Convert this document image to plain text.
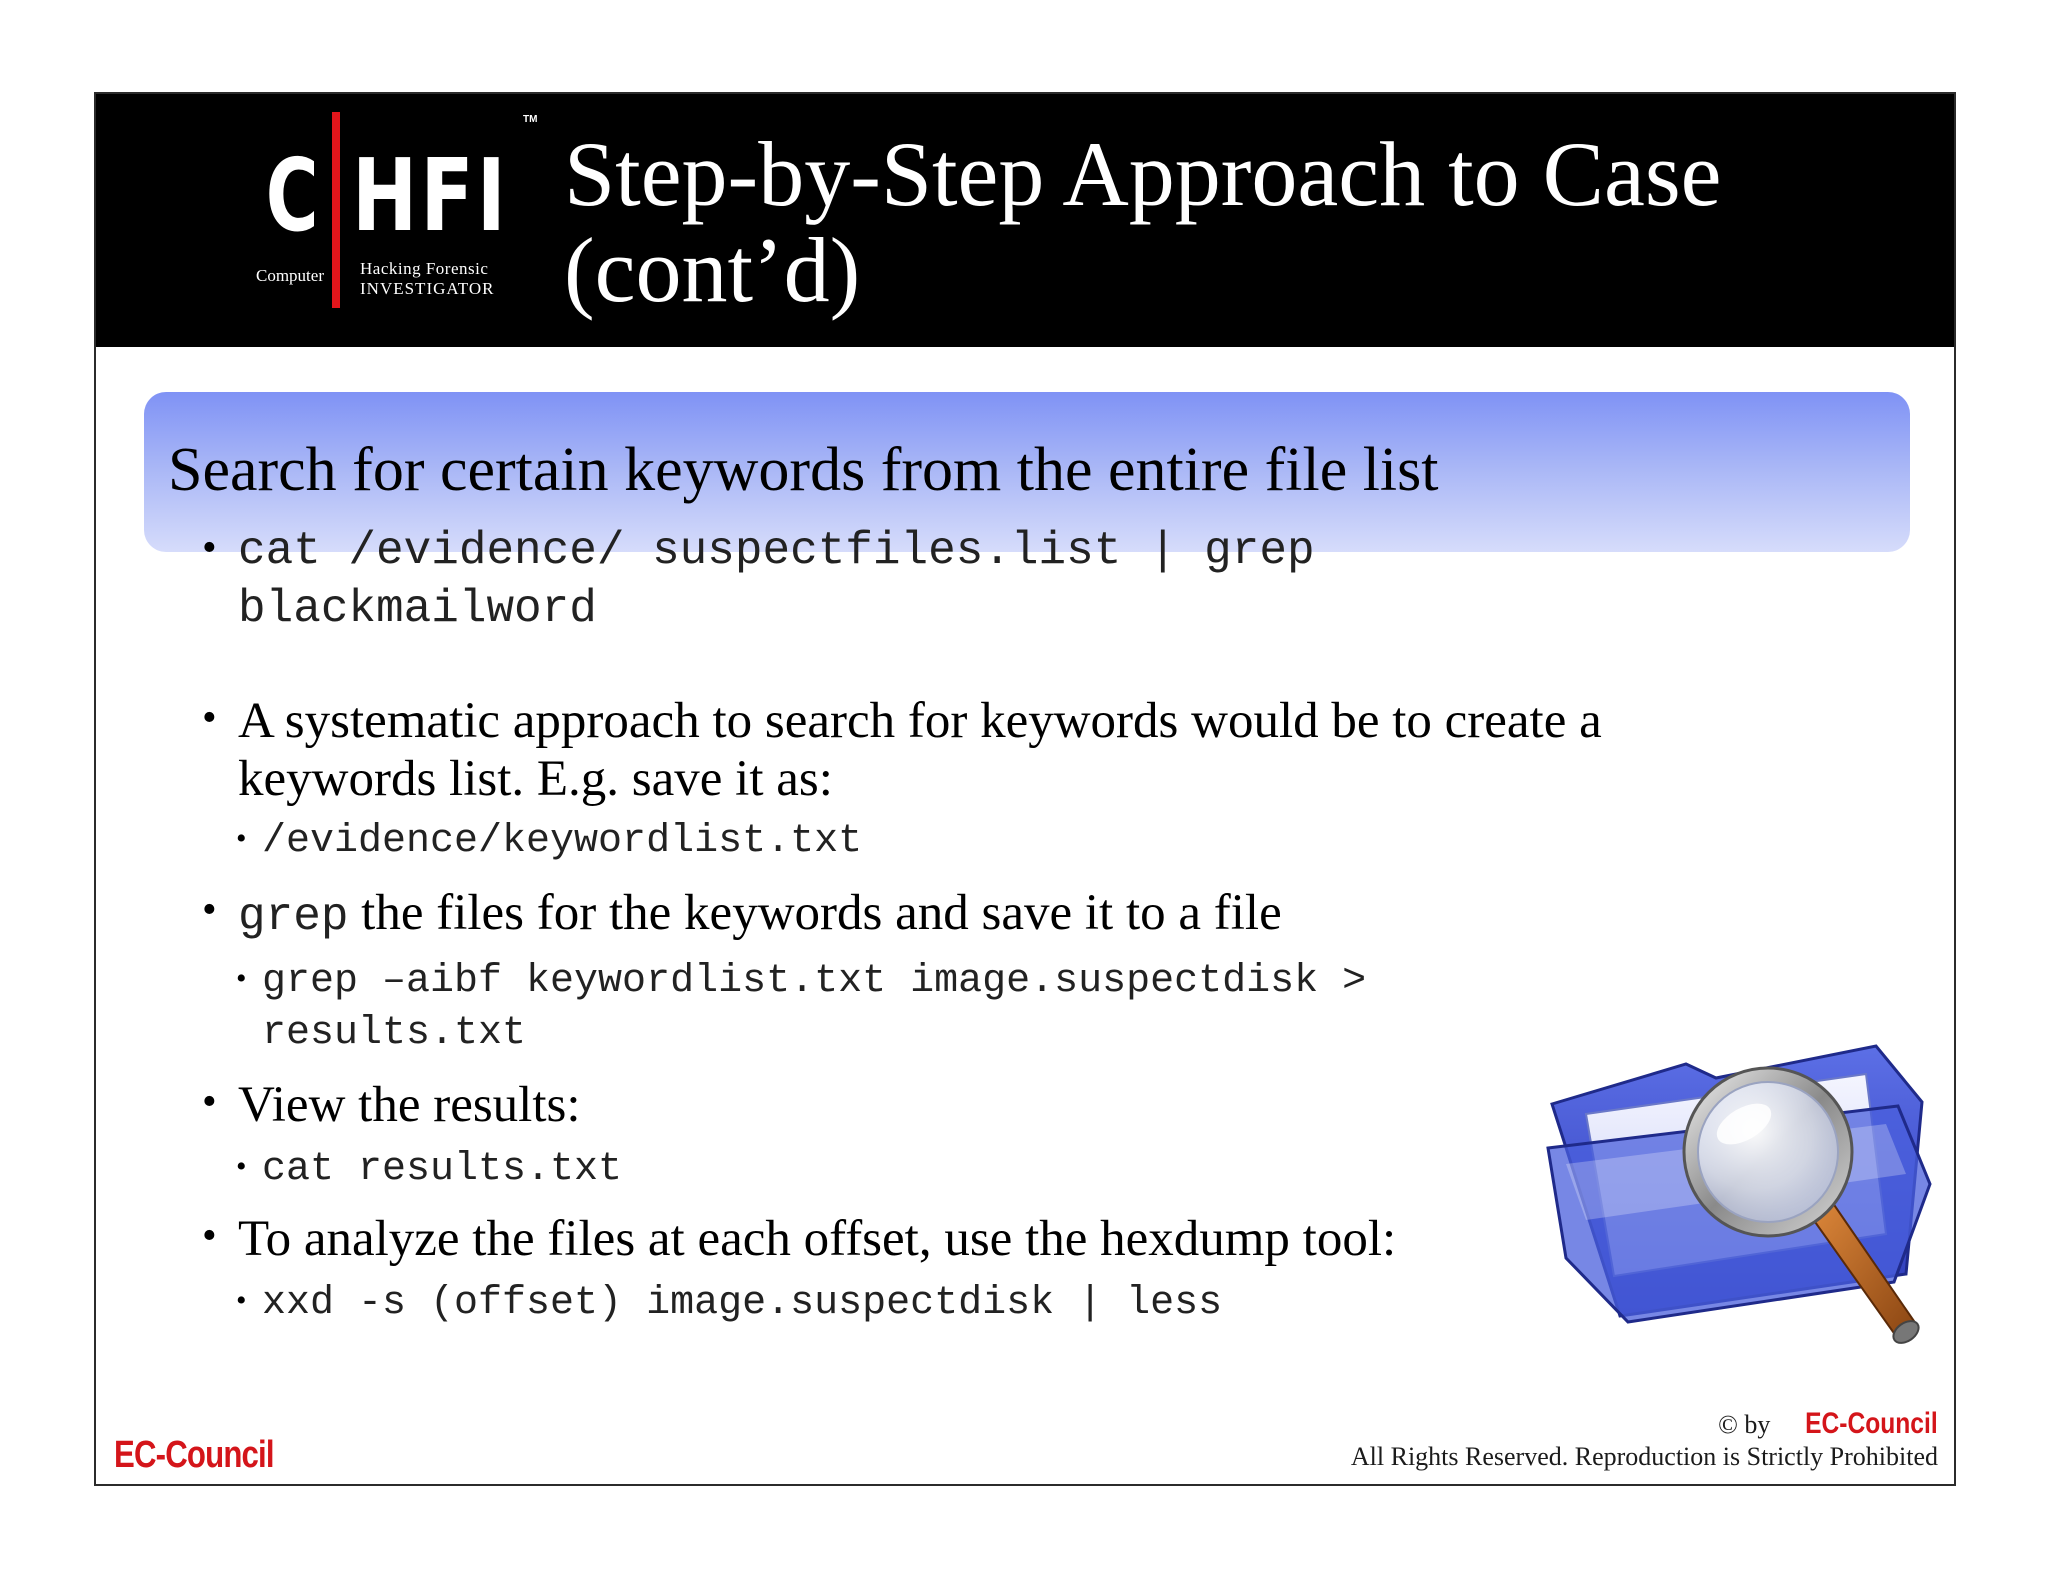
C HFI
TM
Computer Hacking Forensic
INVESTIGATOR
Step-by-Step Approach to Case
(cont’d)
Search for certain keywords from the entire file list
• cat /evidence/ suspectfiles.list | grep
blackmailword
• A systematic approach to search for keywords would be to create a
keywords list. E.g. save it as:
• /evidence/keywordlist.txt
• grep the files for the keywords and save it to a file
• grep –aibf keywordlist.txt image.suspectdisk >
results.txt
• View the results:
• cat results.txt
• To analyze the files at each offset, use the hexdump tool:
• xxd -s (offset) image.suspectdisk | less
EC-Council
© by EC-Council
All Rights Reserved. Reproduction is Strictly Prohibited
